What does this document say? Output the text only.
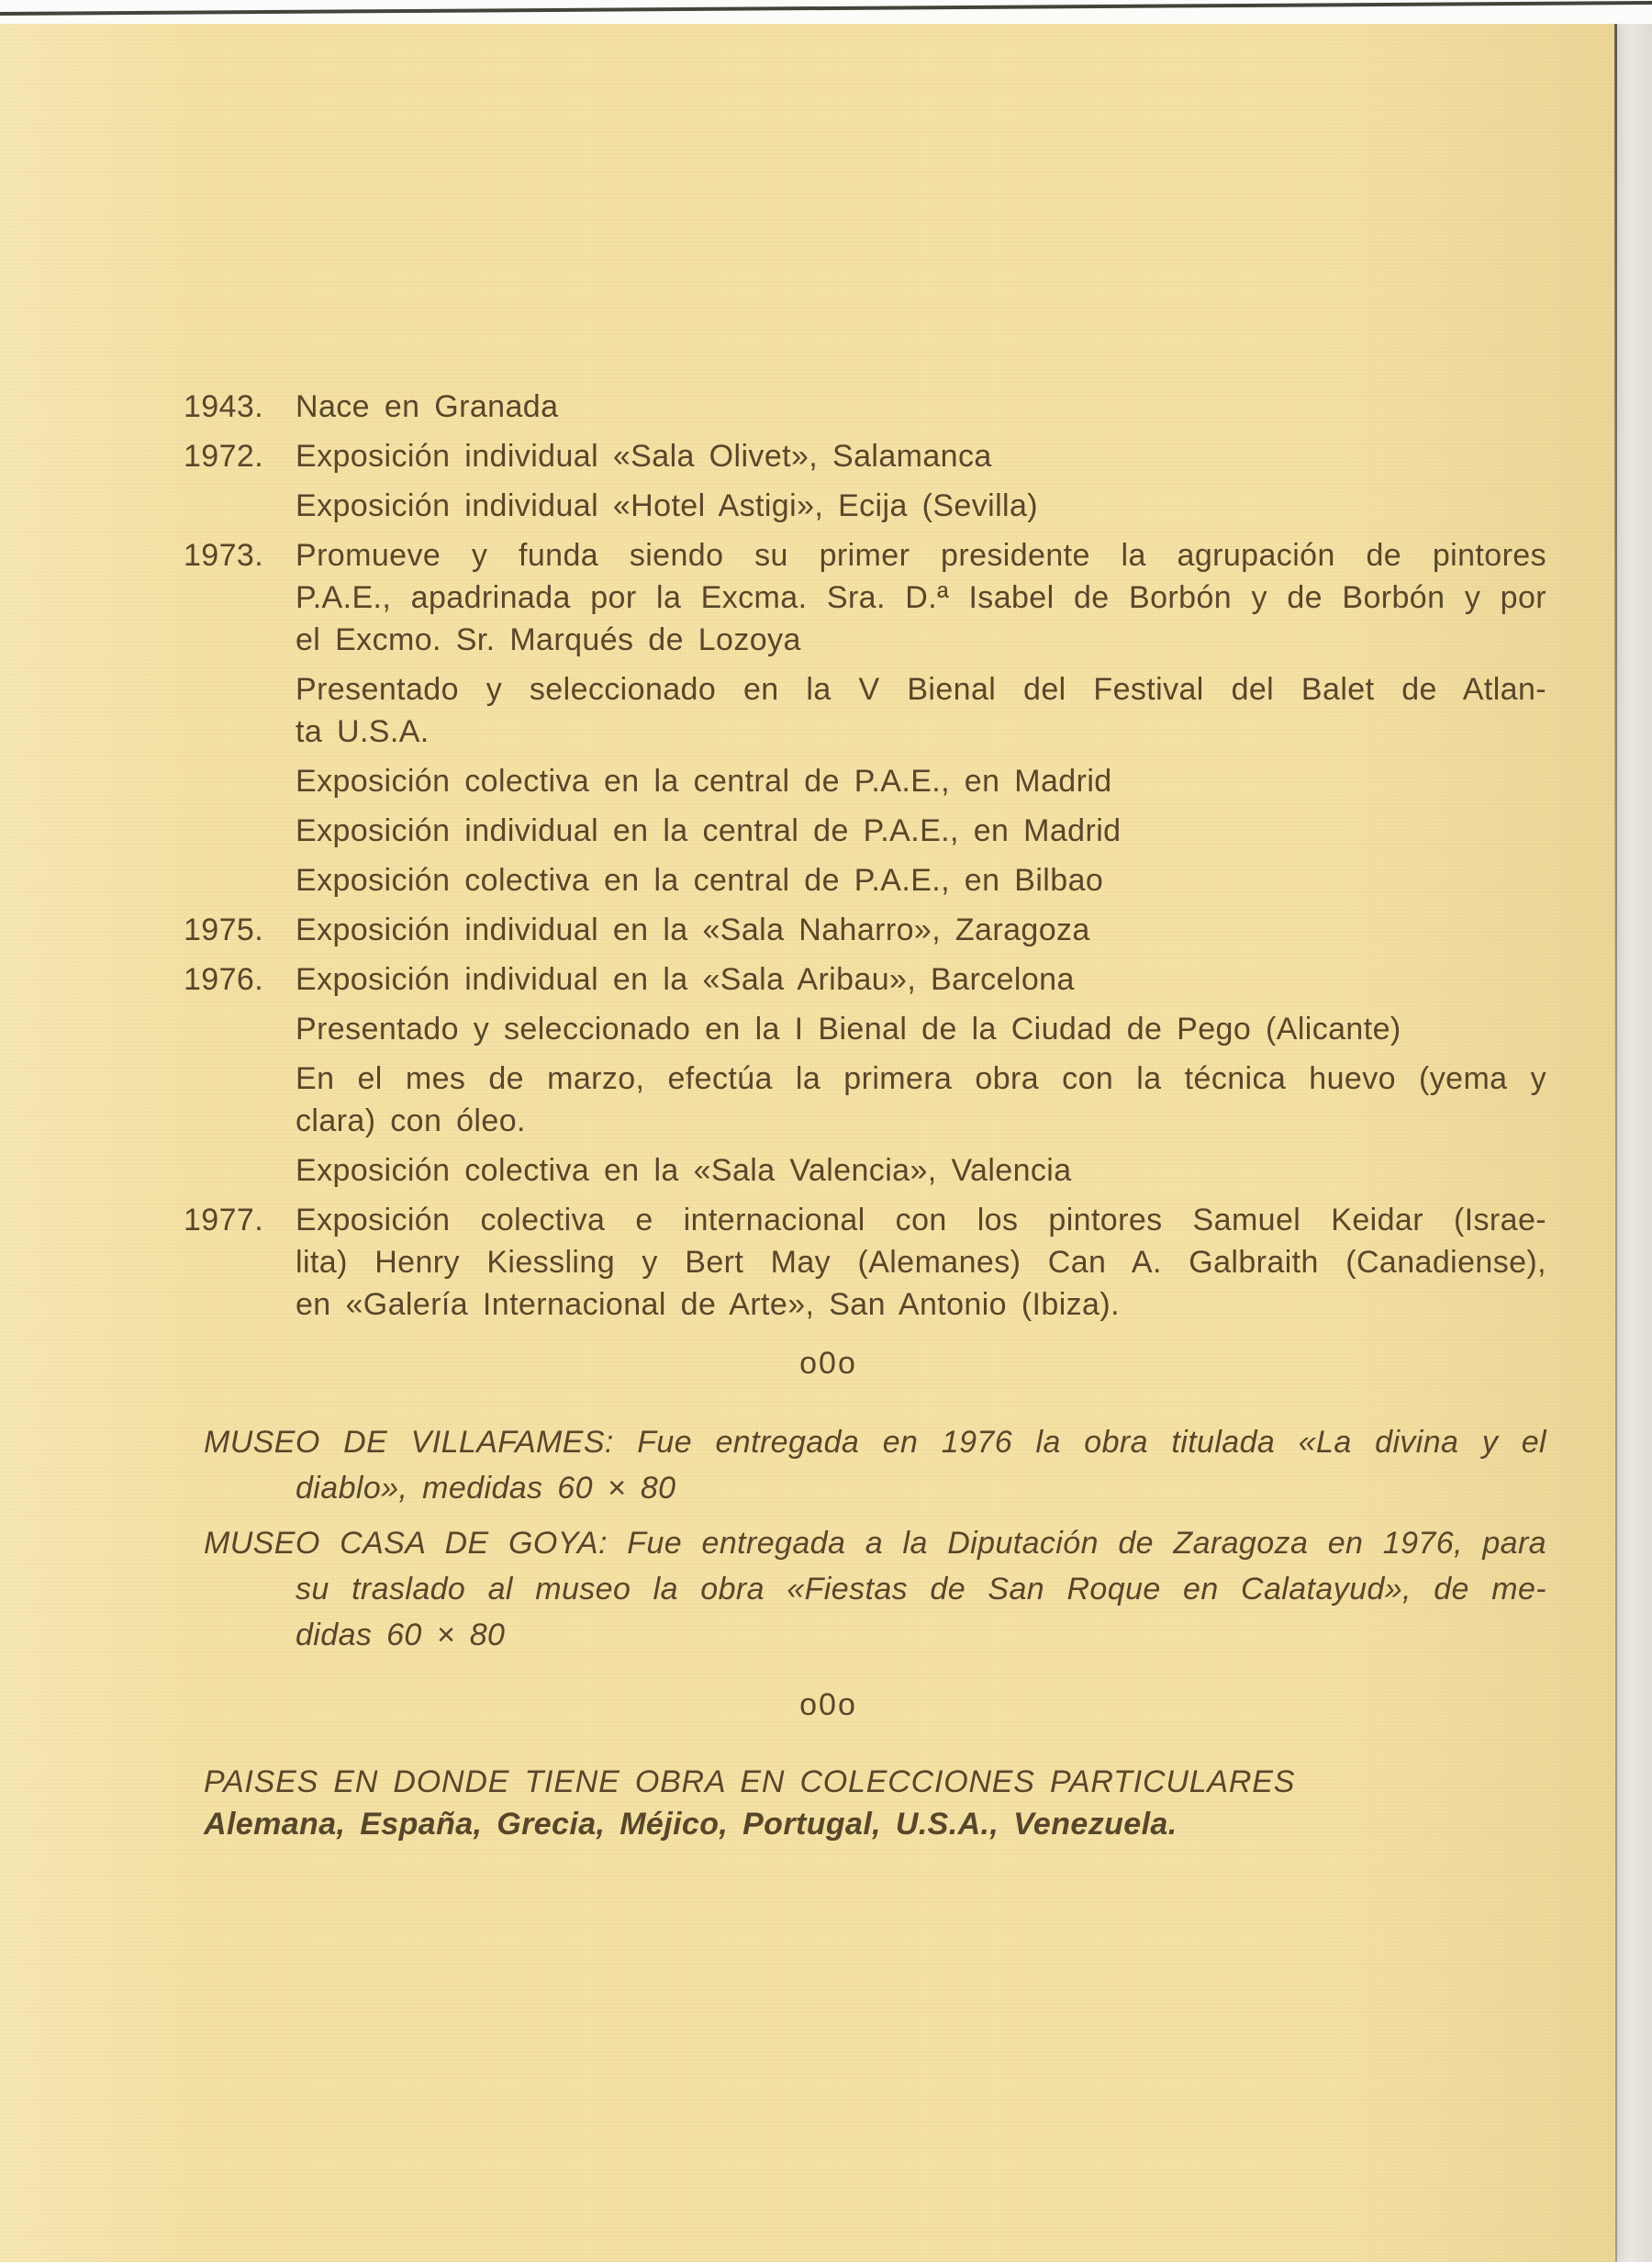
1943.	Nace en Granada
1972.	Exposición individual «Sala Olivet», Salamanca
Exposición individual «Hotel Astigi», Ecija (Sevilla)
1973.	Promueve y funda siendo su primer presidente la agrupación de pintores
P.A.E., apadrinada por la Excma. Sra. D.ª Isabel de Borbón y de Borbón y por
el Excmo. Sr. Marqués de Lozoya
Presentado y seleccionado en la V Bienal del Festival del Balet de Atlan-
ta U.S.A.
Exposición colectiva en la central de P.A.E., en Madrid
Exposición individual en la central de P.A.E., en Madrid
Exposición colectiva en la central de P.A.E., en Bilbao
1975.	Exposición individual en la «Sala Naharro», Zaragoza
1976.	Exposición individual en la «Sala Aribau», Barcelona
Presentado y seleccionado en la I Bienal de la Ciudad de Pego (Alicante)
En el mes de marzo, efectúa la primera obra con la técnica huevo (yema y
clara) con óleo.
Exposición colectiva en la «Sala Valencia», Valencia
1977.	Exposición colectiva e internacional con los pintores Samuel Keidar (Israe-
lita) Henry Kiessling y Bert May (Alemanes) Can A. Galbraith (Canadiense),
en «Galería Internacional de Arte», San Antonio (Ibiza).
o0o
MUSEO DE VILLAFAMES: Fue entregada en 1976 la obra titulada «La divina y el
diablo», medidas 60 × 80
MUSEO CASA DE GOYA: Fue entregada a la Diputación de Zaragoza en 1976, para
su traslado al museo la obra «Fiestas de San Roque en Calatayud», de me-
didas 60 × 80
o0o
PAISES EN DONDE TIENE OBRA EN COLECCIONES PARTICULARES
Alemana, España, Grecia, Méjico, Portugal, U.S.A., Venezuela.
